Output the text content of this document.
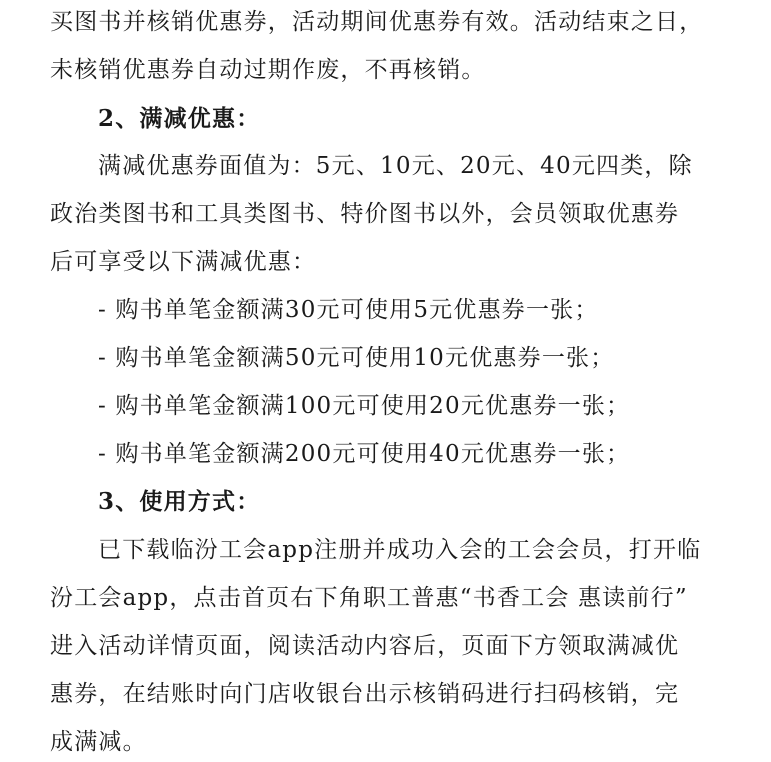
买图书并核销优惠券，活动期间优惠券有效。活动结束之日，
未核销优惠券自动过期作废，不再核销。
2、满减优惠：
满减优惠券面值为：5元、10元、20元、40元四类，除
政治类图书和工具类图书、特价图书以外，会员领取优惠券
后可享受以下满减优惠：
- 购书单笔金额满30元可使用5元优惠券一张；
- 购书单笔金额满50元可使用10元优惠券一张；
- 购书单笔金额满100元可使用20元优惠券一张；
- 购书单笔金额满200元可使用40元优惠券一张；
3、使用方式：
已下载临汾工会app注册并成功入会的工会会员，打开临
汾工会app，点击首页右下角职工普惠“书香工会 惠读前行”
进入活动详情页面，阅读活动内容后，页面下方领取满减优
惠券，在结账时向门店收银台出示核销码进行扫码核销，完
成满减。
